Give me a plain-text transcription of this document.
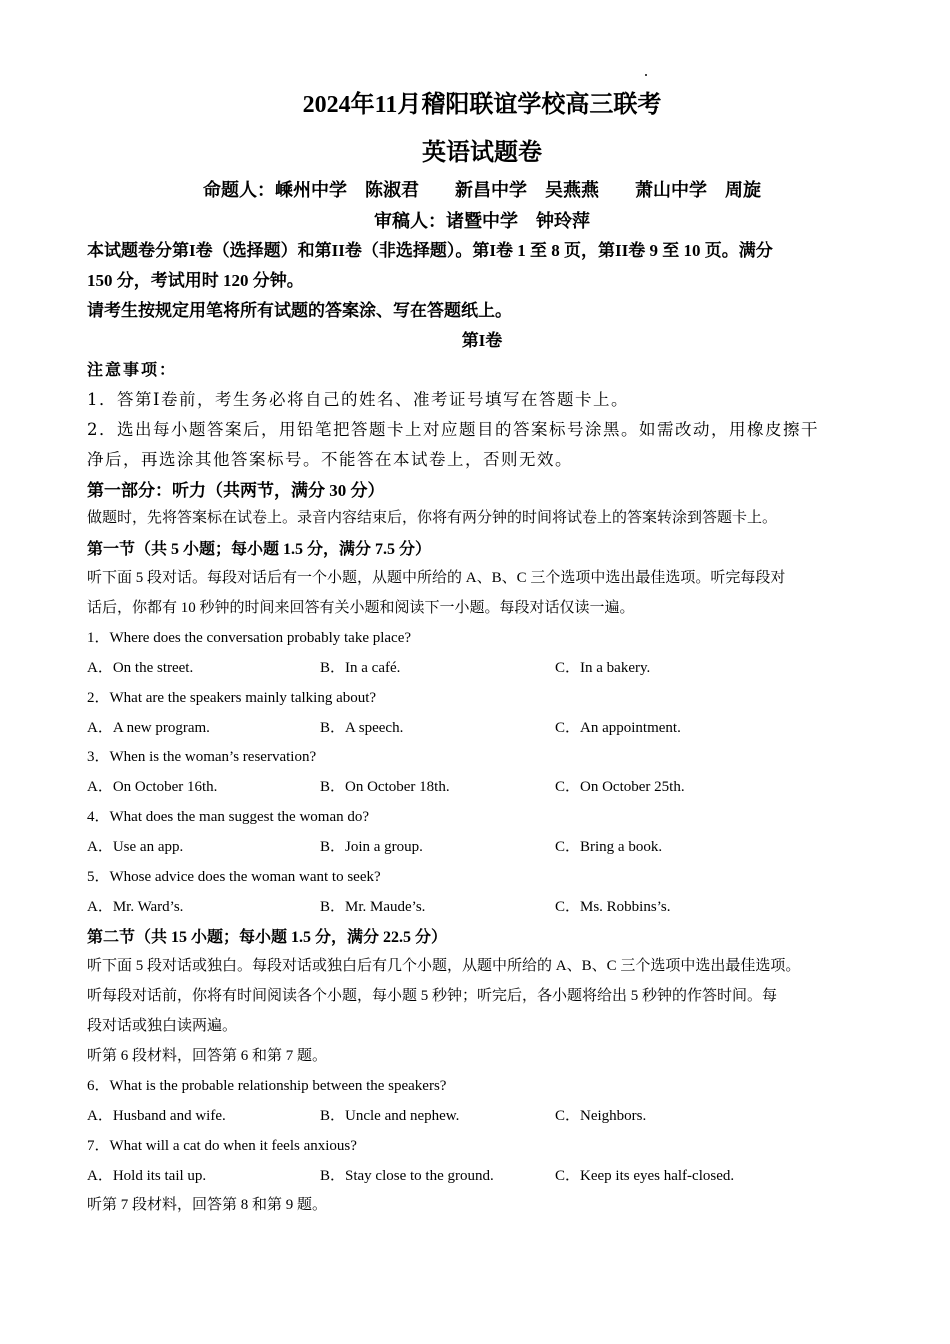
2024年11月稽阳联谊学校高三联考
英语试题卷
命题人：嵊州中学　陈淑君　　新昌中学　吴燕燕　　萧山中学　周旋
审稿人：诸暨中学　钟玲萍
本试题卷分第I卷（选择题）和第II卷（非选择题）。第I卷 1 至 8 页，第II卷 9 至 10 页。满分
150 分，考试用时 120 分钟。
请考生按规定用笔将所有试题的答案涂、写在答题纸上。
第I卷
注意事项：
1．答第Ⅰ卷前，考生务必将自己的姓名、准考证号填写在答题卡上。
2．选出每小题答案后，用铅笔把答题卡上对应题目的答案标号涂黑。如需改动，用橡皮擦干
净后，再选涂其他答案标号。不能答在本试卷上，否则无效。
第一部分：听力（共两节，满分 30 分）
做题时，先将答案标在试卷上。录音内容结束后，你将有两分钟的时间将试卷上的答案转涂到答题卡上。
第一节（共 5 小题；每小题 1.5 分，满分 7.5 分）
听下面 5 段对话。每段对话后有一个小题，从题中所给的 A、B、C 三个选项中选出最佳选项。听完每段对
话后，你都有 10 秒钟的时间来回答有关小题和阅读下一小题。每段对话仅读一遍。
1．Where does the conversation probably take place?
A．On the street.	B．In a café.	C．In a bakery.
2．What are the speakers mainly talking about?
A．A new program.	B．A speech.	C．An appointment.
3．When is the woman’s reservation?
A．On October 16th.	B．On October 18th.	C．On October 25th.
4．What does the man suggest the woman do?
A．Use an app.	B．Join a group.	C．Bring a book.
5．Whose advice does the woman want to seek?
A．Mr. Ward’s.	B．Mr. Maude’s.	C．Ms. Robbins’s.
第二节（共 15 小题；每小题 1.5 分，满分 22.5 分）
听下面 5 段对话或独白。每段对话或独白后有几个小题，从题中所给的 A、B、C 三个选项中选出最佳选项。
听每段对话前，你将有时间阅读各个小题，每小题 5 秒钟；听完后，各小题将给出 5 秒钟的作答时间。每
段对话或独白读两遍。
听第 6 段材料，回答第 6 和第 7 题。
6．What is the probable relationship between the speakers?
A．Husband and wife.	B．Uncle and nephew.	C．Neighbors.
7．What will a cat do when it feels anxious?
A．Hold its tail up.	B．Stay close to the ground.	C．Keep its eyes half-closed.
听第 7 段材料，回答第 8 和第 9 题。
